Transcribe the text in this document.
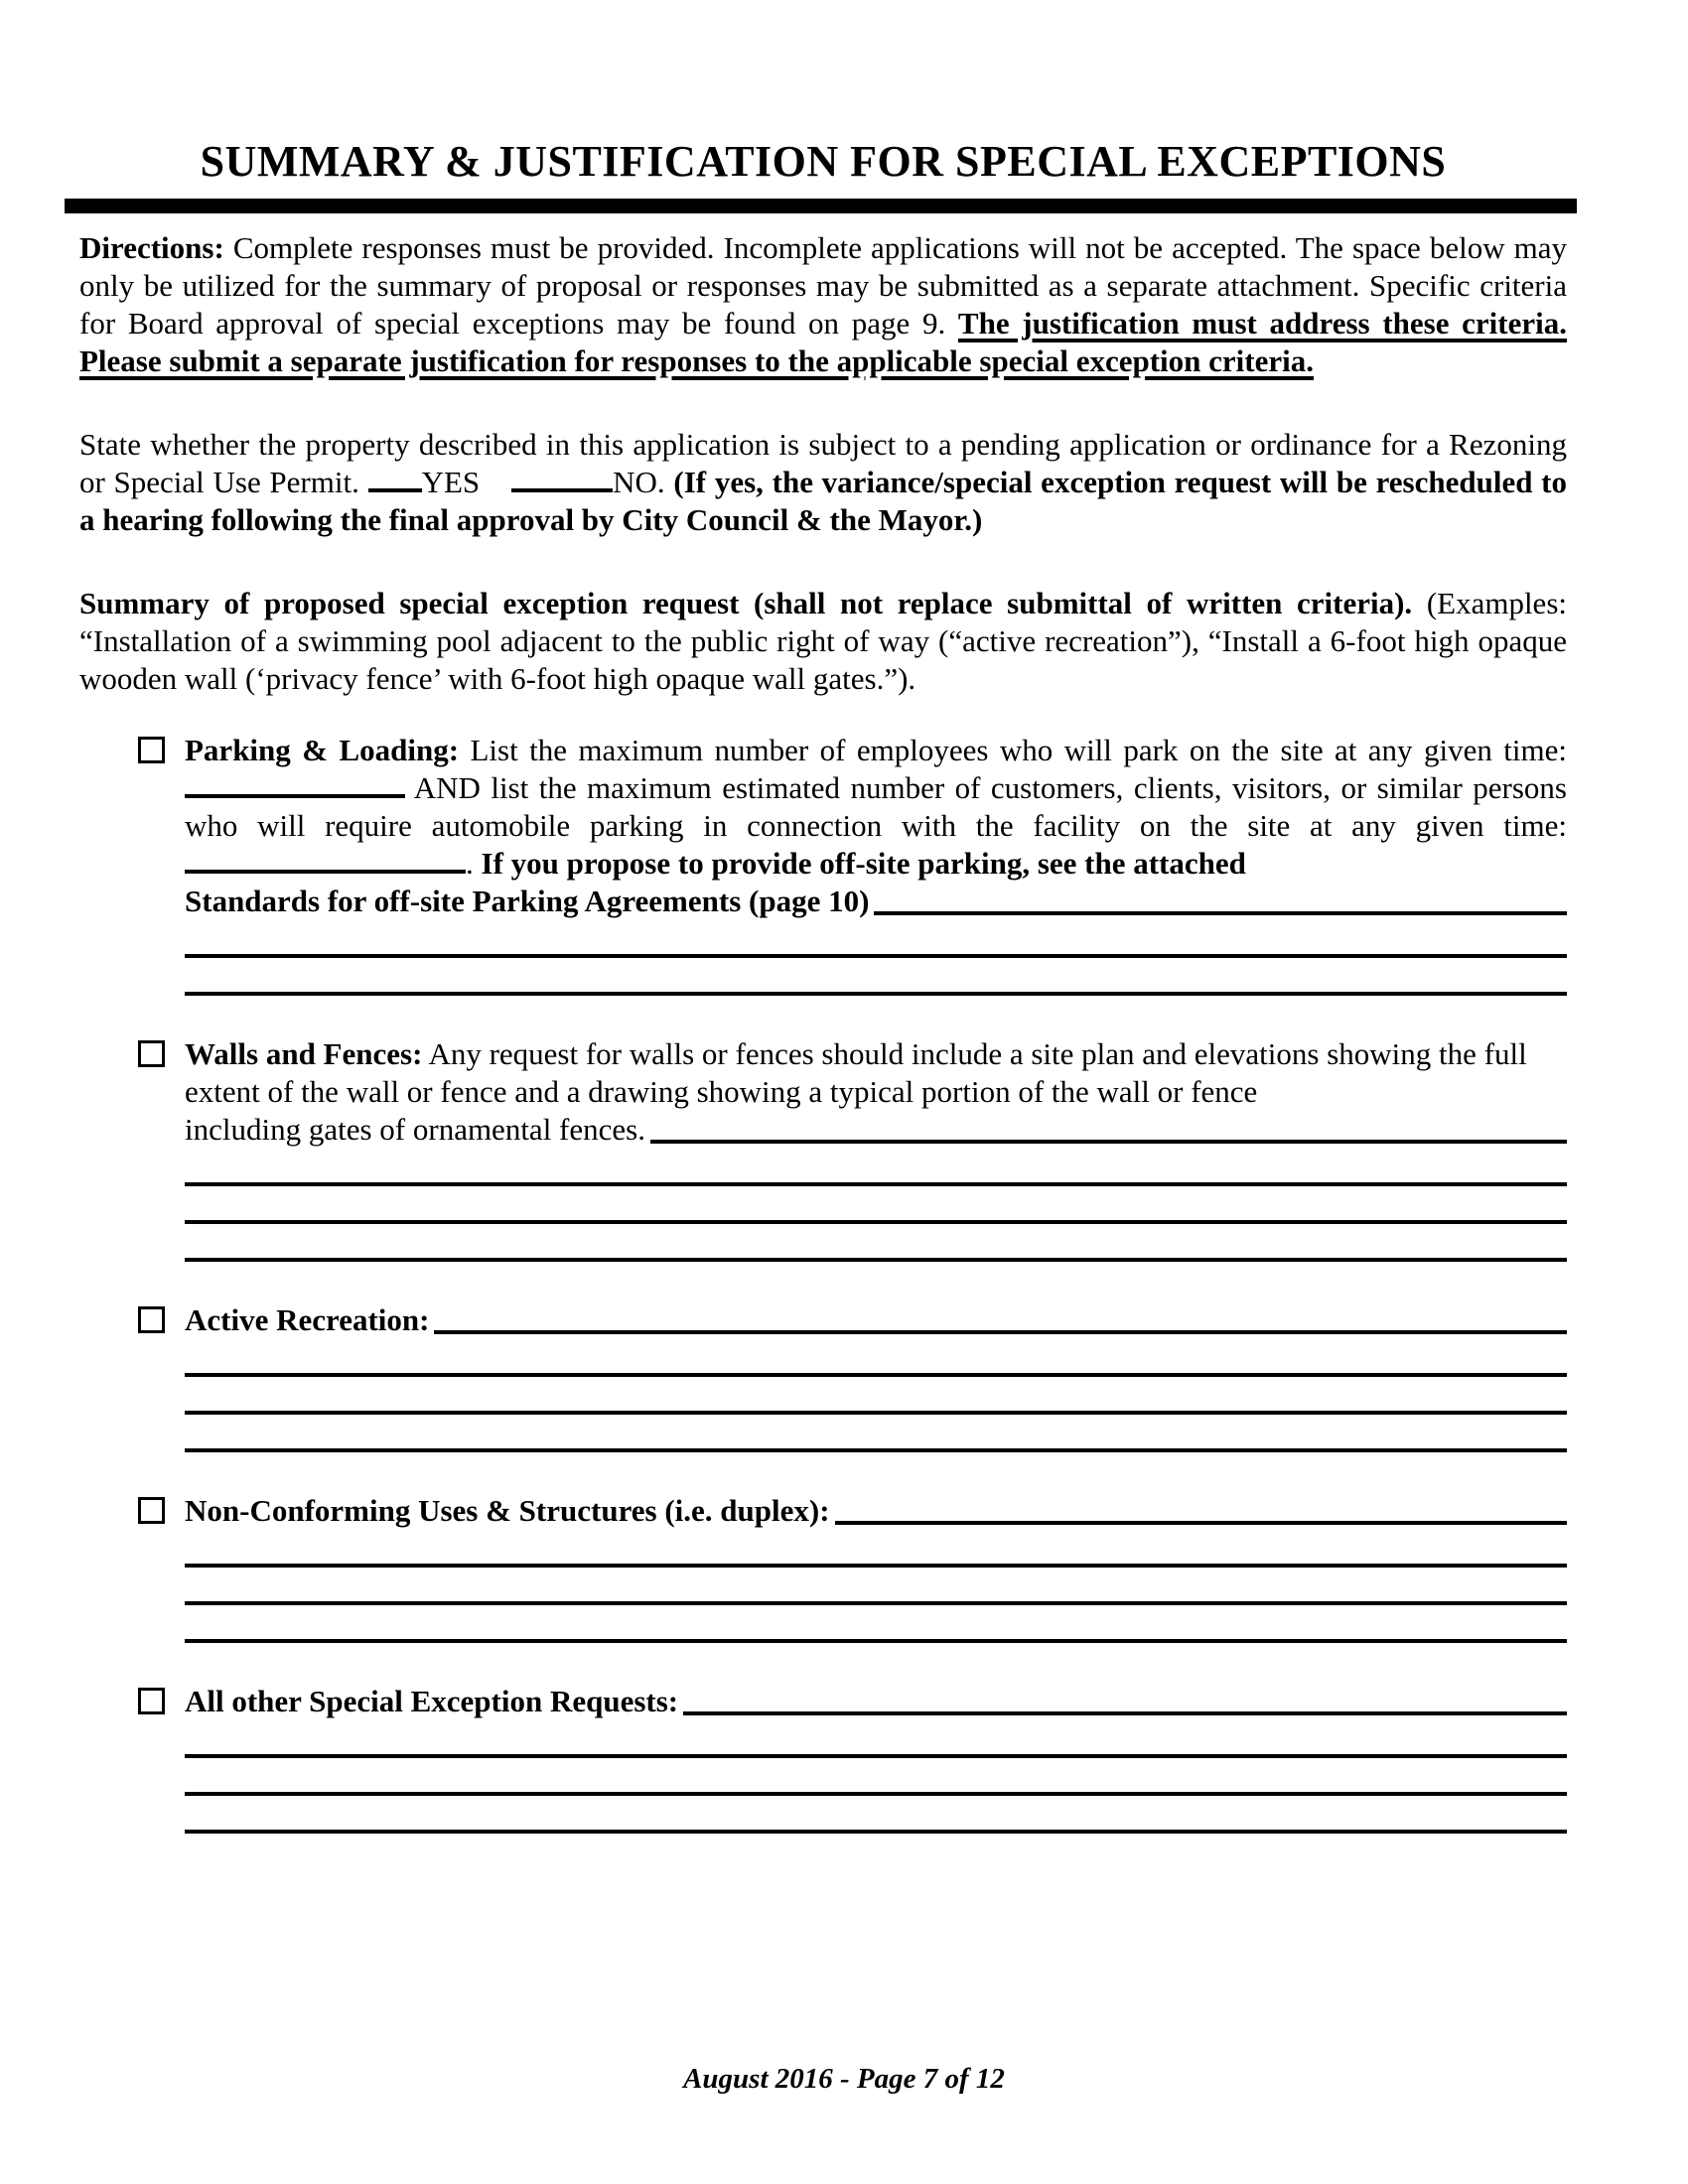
SUMMARY & JUSTIFICATION FOR SPECIAL EXCEPTIONS

Directions: Complete responses must be provided. Incomplete applications will not be accepted. The space below may only be utilized for the summary of proposal or responses may be submitted as a separate attachment. Specific criteria for Board approval of special exceptions may be found on page 9. The justification must address these criteria. Please submit a separate justification for responses to the applicable special exception criteria.

State whether the property described in this application is subject to a pending application or ordinance for a Rezoning or Special Use Permit. YES	NO. (If yes, the variance/special exception request will be rescheduled to a hearing following the final approval by City Council & the Mayor.)

Summary of proposed special exception request (shall not replace submittal of written criteria). (Examples: “Installation of a swimming pool adjacent to the public right of way (“active recreation”), “Install a 6-foot high opaque wooden wall (‘privacy fence’ with 6-foot high opaque wall gates.”).

Parking & Loading: List the maximum number of employees who will park on the site at any given time:  AND list the maximum estimated number of customers, clients, visitors, or similar persons who will require automobile parking in connection with the facility on the site at any given time: . If you propose to provide off-site parking, see the attached

Standards for off-site Parking Agreements (page 10)

Walls and Fences: Any request for walls or fences should include a site plan and elevations showing the full extent of the wall or fence and a drawing showing a typical portion of the wall or fence

including gates of ornamental fences.
Active Recreation:
Non-Conforming Uses & Structures (i.e. duplex):
All other Special Exception Requests:
August 2016 - Page 7 of 12
